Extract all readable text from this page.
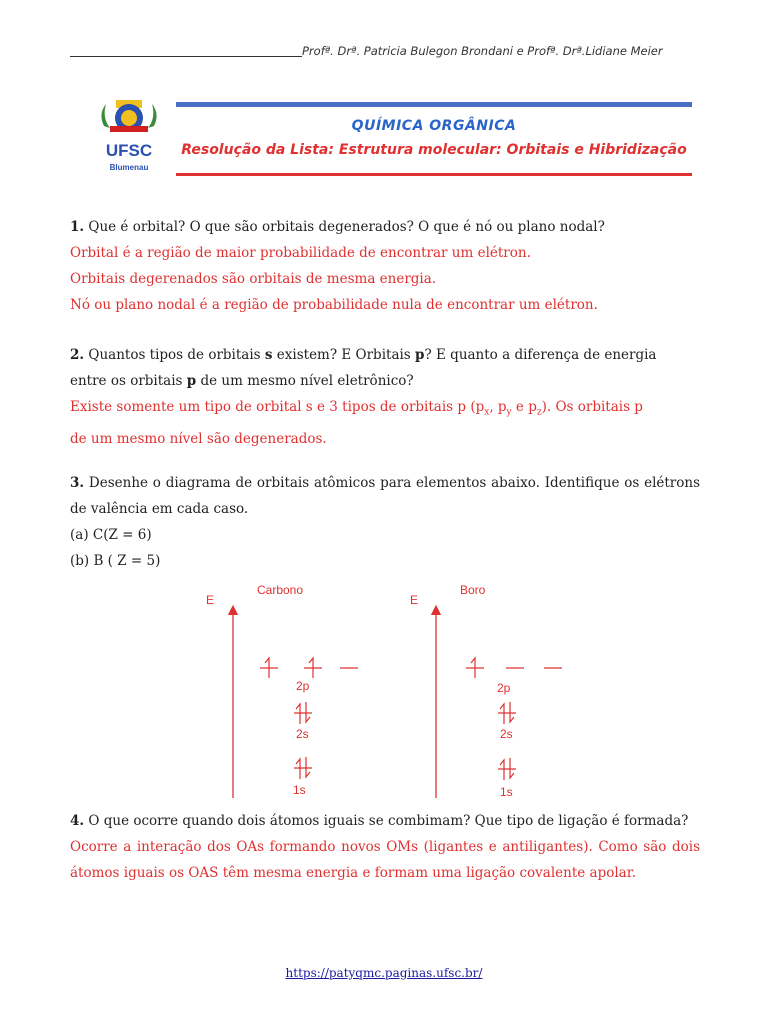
Profª. Drª. Patricia Bulegon Brondani e Profª. Drª.Lidiane Meier
UFSC
Blumenau
QUÍMICA ORGÂNICA
Resolução da Lista: Estrutura molecular: Orbitais e Hibridização
1. Que é orbital? O que são orbitais degenerados? O que é nó ou plano nodal?
Orbital é a região de maior probabilidade de encontrar um elétron.
Orbitais degerenados são orbitais de mesma energia.
Nó ou plano nodal é a região de probabilidade nula de encontrar um elétron.
2. Quantos tipos de orbitais s existem? E Orbitais p? E quanto a diferença de energia
entre os orbitais p de um mesmo nível eletrônico?
Existe somente um tipo de orbital s e 3 tipos de orbitais p ($p_x$, $p_y$ e $p_z$). Os orbitais p
de um mesmo nível são degenerados.
3. Desenhe o diagrama de orbitais atômicos para elementos abaixo. Identifique os elétrons de valência em cada caso.
(a) C(Z = 6)
(b) B ( Z = 5)
E
Carbono
2p
2s
1s
E
Boro
2p
2s
1s
4. O que ocorre quando dois átomos iguais se combimam? Que tipo de ligação é formada?
Ocorre a interação dos OAs formando novos OMs (ligantes e antiligantes). Como são dois átomos iguais os OAS têm mesma energia e formam uma ligação covalente apolar.
https://patyqmc.paginas.ufsc.br/
